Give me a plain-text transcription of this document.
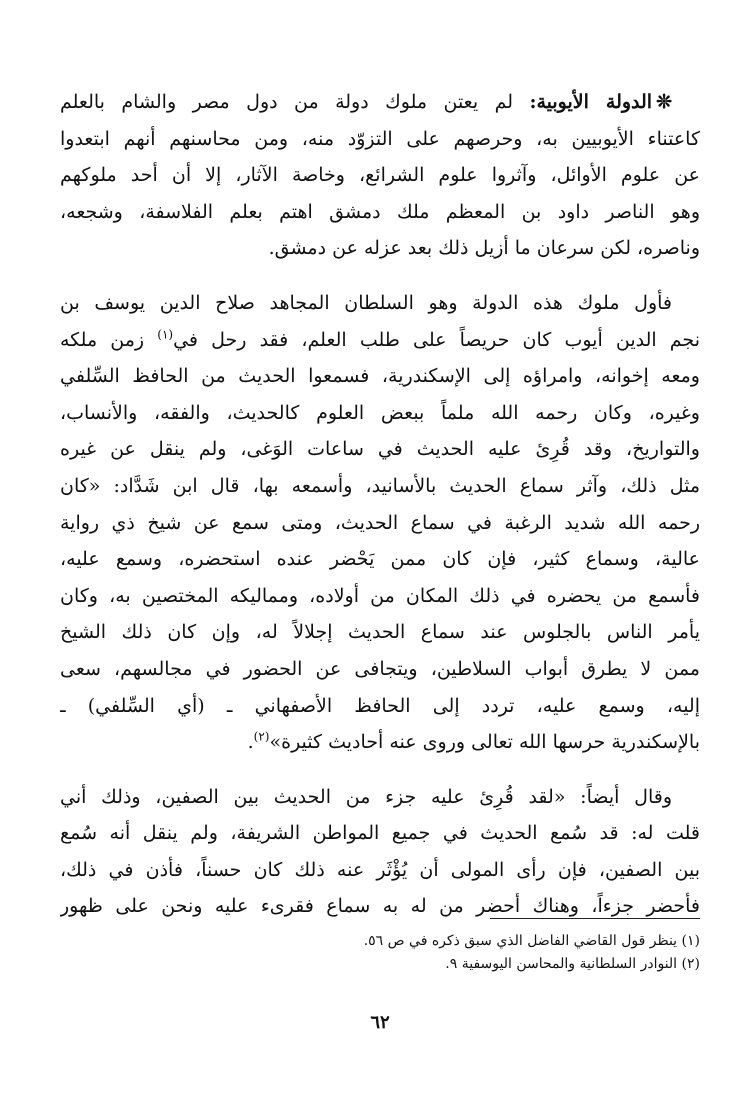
❊الدولة الأيوبية: لم يعتن ملوك دولة من دول مصر والشام بالعلم
كاعتناء الأيوبيين به، وحرصهم على التزوّد منه، ومن محاسنهم أنهم ابتعدوا
عن علوم الأوائل، وآثروا علوم الشرائع، وخاصة الآثار، إلا أن أحد ملوكهم
وهو الناصر داود بن المعظم ملك دمشق اهتم بعلم الفلاسفة، وشجعه،
وناصره، لكن سرعان ما أزيل ذلك بعد عزله عن دمشق.

فأول ملوك هذه الدولة وهو السلطان المجاهد صلاح الدين يوسف بن
نجم الدين أيوب كان حريصاً على طلب العلم، فقد رحل في$^{(١)}$ زمن ملكه
ومعه إخوانه، وامراؤه إلى الإسكندرية، فسمعوا الحديث من الحافظ السِّلفي
وغيره، وكان رحمه الله ملماً ببعض العلوم كالحديث، والفقه، والأنساب،
والتواريخ، وقد قُرِئ عليه الحديث في ساعات الوَغى، ولم ينقل عن غيره
مثل ذلك، وآثر سماع الحديث بالأسانيد، وأسمعه بها، قال ابن شَدَّاد: «كان
رحمه الله شديد الرغبة في سماع الحديث، ومتى سمع عن شيخ ذي رواية
عالية، وسماع كثير، فإن كان ممن يَحْضر عنده استحضره، وسمع عليه،
فأسمع من يحضره في ذلك المكان من أولاده، ومماليكه المختصين به، وكان
يأمر الناس بالجلوس عند سماع الحديث إجلالاً له، وإن كان ذلك الشيخ
ممن لا يطرق أبواب السلاطين، ويتجافى عن الحضور في مجالسهم، سعى
إليه، وسمع عليه، تردد إلى الحافظ الأصفهاني ـ (أي السِّلفي) ـ
بالإسكندرية حرسها الله تعالى وروى عنه أحاديث كثيرة»$^{(٢)}$.

وقال أيضاً: «لقد قُرِئ عليه جزء من الحديث بين الصفين، وذلك أني
قلت له: قد سُمع الحديث في جميع المواطن الشريفة، ولم ينقل أنه سُمع
بين الصفين، فإن رأى المولى أن يُؤْثَر عنه ذلك كان حسناً، فأذن في ذلك،
فأحضر جزءاً، وهناك أحضر من له به سماع فقرىء عليه ونحن على ظهور

(١) ينظر قول القاضي الفاضل الذي سبق ذكره في ص ٥٦.
(٢) النوادر السلطانية والمحاسن اليوسفية ٩.
٦٢
